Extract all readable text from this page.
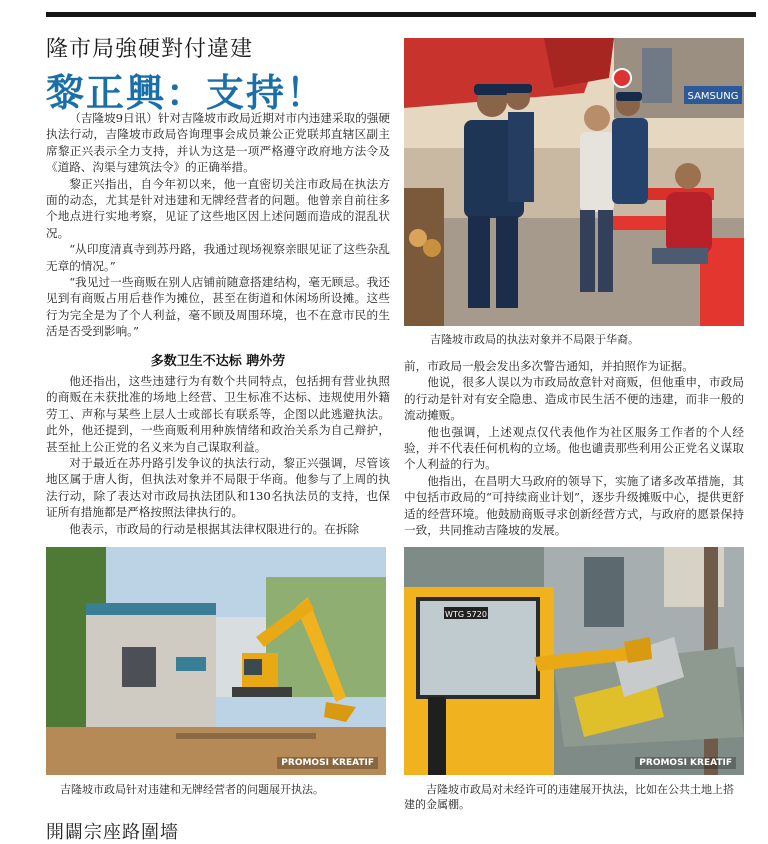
隆市局強硬對付違建
黎正興：支持！

（吉隆坡9日讯）针对吉隆坡市政局近期对市内违建采取的强硬执法行动，吉隆坡市政局咨询理事会成员兼公正党联邦直辖区副主席黎正兴表示全力支持，并认为这是一项严格遵守政府地方法令及《道路、沟渠与建筑法令》的正确举措。

黎正兴指出，自今年初以来，他一直密切关注市政局在执法方面的动态，尤其是针对违建和无牌经营者的问题。他曾亲自前往多个地点进行实地考察，见证了这些地区因上述问题而造成的混乱状况。

“从印度清真寺到苏丹路，我通过现场视察亲眼见证了这些杂乱无章的情况。”

“我见过一些商贩在别人店铺前随意搭建结构，毫无顾忌。我还见到有商贩占用后巷作为摊位，甚至在街道和休闲场所设摊。这些行为完全是为了个人利益，毫不顾及周围环境，也不在意市民的生活是否受到影响。”

多数卫生不达标 聘外劳

他还指出，这些违建行为有数个共同特点，包括拥有营业执照的商贩在未获批准的场地上经营、卫生标准不达标、违规使用外籍劳工、声称与某些上层人士或部长有联系等，企图以此逃避执法。此外，他还提到，一些商贩利用种族情绪和政治关系为自己辩护，甚至扯上公正党的名义来为自己谋取利益。

对于最近在苏丹路引发争议的执法行动，黎正兴强调，尽管该地区属于唐人街，但执法对象并不局限于华商。他参与了上周的执法行动，除了表达对市政局执法团队和130名执法员的支持，也保证所有措施都是严格按照法律执行的。

他表示，市政局的行动是根据其法律权限进行的。在拆除

SAMSUNG
吉隆坡市政局的执法对象并不局限于华裔。

前，市政局一般会发出多次警告通知，并拍照作为证据。

他说，很多人误以为市政局故意针对商贩，但他重申，市政局的行动是针对有安全隐患、造成市民生活不便的违建，而非一般的流动摊贩。

他也强调，上述观点仅代表他作为社区服务工作者的个人经验，并不代表任何机构的立场。他也谴责那些利用公正党名义谋取个人利益的行为。

他指出，在昌明大马政府的领导下，实施了诸多改革措施，其中包括市政局的“可持续商业计划”，逐步升级摊贩中心，提供更舒适的经营环境。他鼓励商贩寻求创新经营方式，与政府的愿景保持一致，共同推动吉隆坡的发展。

PROMOSI KREATIF
吉隆坡市政局针对违建和无牌经营者的问题展开执法。
WTG 5720
PROMOSI KREATIF
吉隆坡市政局对未经许可的违建展开执法，比如在公共土地上搭建的金属棚。
開闢宗座路圍墻
